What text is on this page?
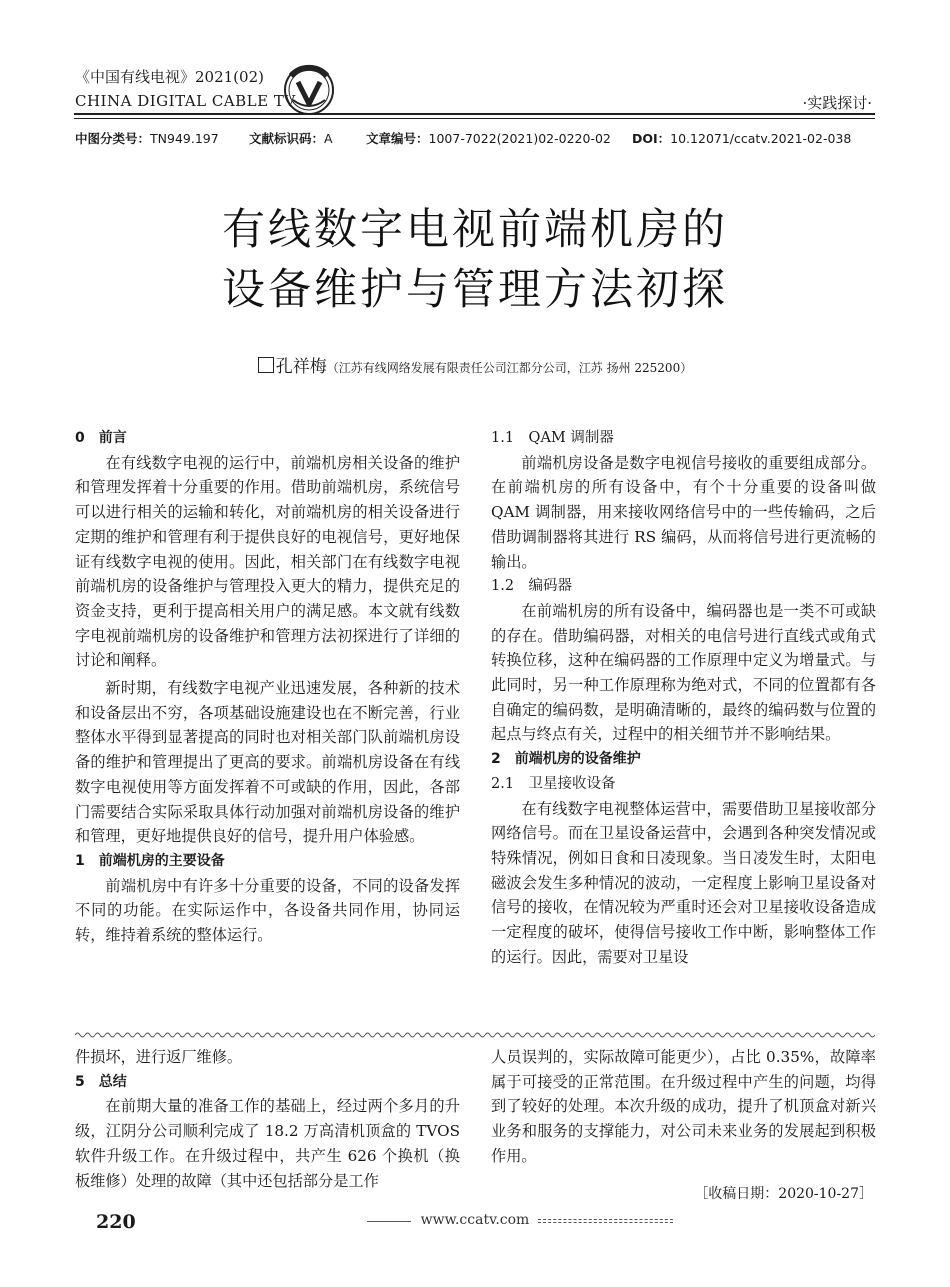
《中国有线电视》2021(02)
CHINA DIGITAL CABLE TV	·实践探讨·
中图分类号：TN949.197 文献标识码：A	文章编号：1007-7022(2021)02-0220-02 DOI：10.12071/ccatv.2021-02-038
有线数字电视前端机房的
设备维护与管理方法初探
孔祥梅（江苏有线网络发展有限责任公司江都分公司，江苏 扬州 225200）
0　前言

在有线数字电视的运行中，前端机房相关设备的维护和管理发挥着十分重要的作用。借助前端机房，系统信号可以进行相关的运输和转化，对前端机房的相关设备进行定期的维护和管理有利于提供良好的电视信号，更好地保证有线数字电视的使用。因此，相关部门在有线数字电视前端机房的设备维护与管理投入更大的精力，提供充足的资金支持，更利于提高相关用户的满足感。本文就有线数字电视前端机房的设备维护和管理方法初探进行了详细的讨论和阐释。

新时期，有线数字电视产业迅速发展，各种新的技术和设备层出不穷，各项基础设施建设也在不断完善，行业整体水平得到显著提高的同时也对相关部门队前端机房设备的维护和管理提出了更高的要求。前端机房设备在有线数字电视使用等方面发挥着不可或缺的作用，因此，各部门需要结合实际采取具体行动加强对前端机房设备的维护和管理，更好地提供良好的信号，提升用户体验感。

1　前端机房的主要设备

前端机房中有许多十分重要的设备，不同的设备发挥不同的功能。在实际运作中，各设备共同作用，协同运转，维持着系统的整体运行。

1.1　QAM 调制器

前端机房设备是数字电视信号接收的重要组成部分。在前端机房的所有设备中，有个十分重要的设备叫做 QAM 调制器，用来接收网络信号中的一些传输码，之后借助调制器将其进行 RS 编码，从而将信号进行更流畅的输出。

1.2　编码器

在前端机房的所有设备中，编码器也是一类不可或缺的存在。借助编码器，对相关的电信号进行直线式或角式转换位移，这种在编码器的工作原理中定义为增量式。与此同时，另一种工作原理称为绝对式，不同的位置都有各自确定的编码数，是明确清晰的，最终的编码数与位置的起点与终点有关，过程中的相关细节并不影响结果。

2　前端机房的设备维护
2.1　卫星接收设备

在有线数字电视整体运营中，需要借助卫星接收部分网络信号。而在卫星设备运营中，会遇到各种突发情况或特殊情况，例如日食和日凌现象。当日凌发生时，太阳电磁波会发生多种情况的波动，一定程度上影响卫星设备对信号的接收，在情况较为严重时还会对卫星接收设备造成一定程度的破坏，使得信号接收工作中断，影响整体工作的运行。因此，需要对卫星设

件损坏，进行返厂维修。

5　总结

在前期大量的准备工作的基础上，经过两个多月的升级，江阴分公司顺利完成了 18.2 万高清机顶盒的 TVOS 软件升级工作。在升级过程中，共产生 626 个换机（换板维修）处理的故障（其中还包括部分是工作

人员误判的，实际故障可能更少），占比 0.35%，故障率属于可接受的正常范围。在升级过程中产生的问题，均得到了较好的处理。本次升级的成功，提升了机顶盒对新兴业务和服务的支撑能力，对公司未来业务的发展起到积极作用。

［收稿日期：2020-10-27］
220	www.ccatv.com
